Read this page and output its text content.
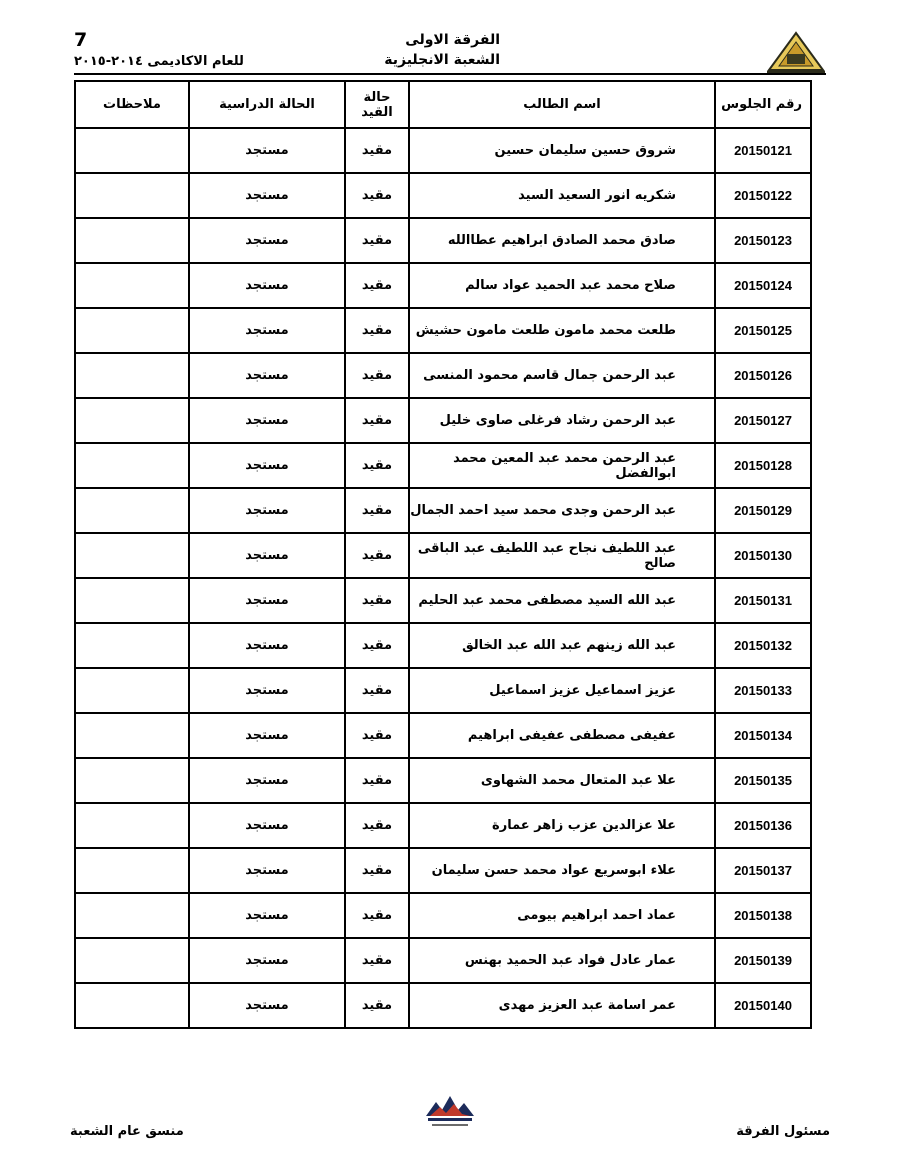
7
للعام الاكاديمى ٢٠١٤-٢٠١٥
الفرقة الاولى
الشعبة الانجليزية
رقم الجلوس	اسم الطالب	حالة القيد	الحالة الدراسية	ملاحظات
20150121	شروق حسين سليمان حسين	مقيد	مستجد	
20150122	شكريه انور السعيد السيد	مقيد	مستجد	
20150123	صادق محمد الصادق ابراهيم عطاالله	مقيد	مستجد	
20150124	صلاح محمد عبد الحميد عواد سالم	مقيد	مستجد	
20150125	طلعت محمد مامون طلعت مامون حشيش	مقيد	مستجد	
20150126	عبد الرحمن جمال قاسم محمود المنسى	مقيد	مستجد	
20150127	عبد الرحمن رشاد فرغلى صاوى خليل	مقيد	مستجد	
20150128	عبد الرحمن محمد عبد المعين محمد ابوالفضل	مقيد	مستجد	
20150129	عبد الرحمن وجدى محمد سيد احمد الجمال	مقيد	مستجد	
20150130	عبد اللطيف نجاح عبد اللطيف عبد الباقى صالح	مقيد	مستجد	
20150131	عبد الله السيد مصطفى محمد عبد الحليم	مقيد	مستجد	
20150132	عبد الله زينهم عبد الله عبد الخالق	مقيد	مستجد	
20150133	عزيز اسماعيل عزيز اسماعيل	مقيد	مستجد	
20150134	عفيفى مصطفى عفيفى ابراهيم	مقيد	مستجد	
20150135	علا عبد المتعال محمد الشهاوى	مقيد	مستجد	
20150136	علا عزالدين عزب زاهر عمارة	مقيد	مستجد	
20150137	علاء ابوسريع عواد محمد حسن سليمان	مقيد	مستجد	
20150138	عماد احمد ابراهيم بيومى	مقيد	مستجد	
20150139	عمار عادل فواد عبد الحميد بهنس	مقيد	مستجد	
20150140	عمر اسامة عبد العزيز مهدى	مقيد	مستجد	
منسق عام الشعبة	مسئول الفرقة
